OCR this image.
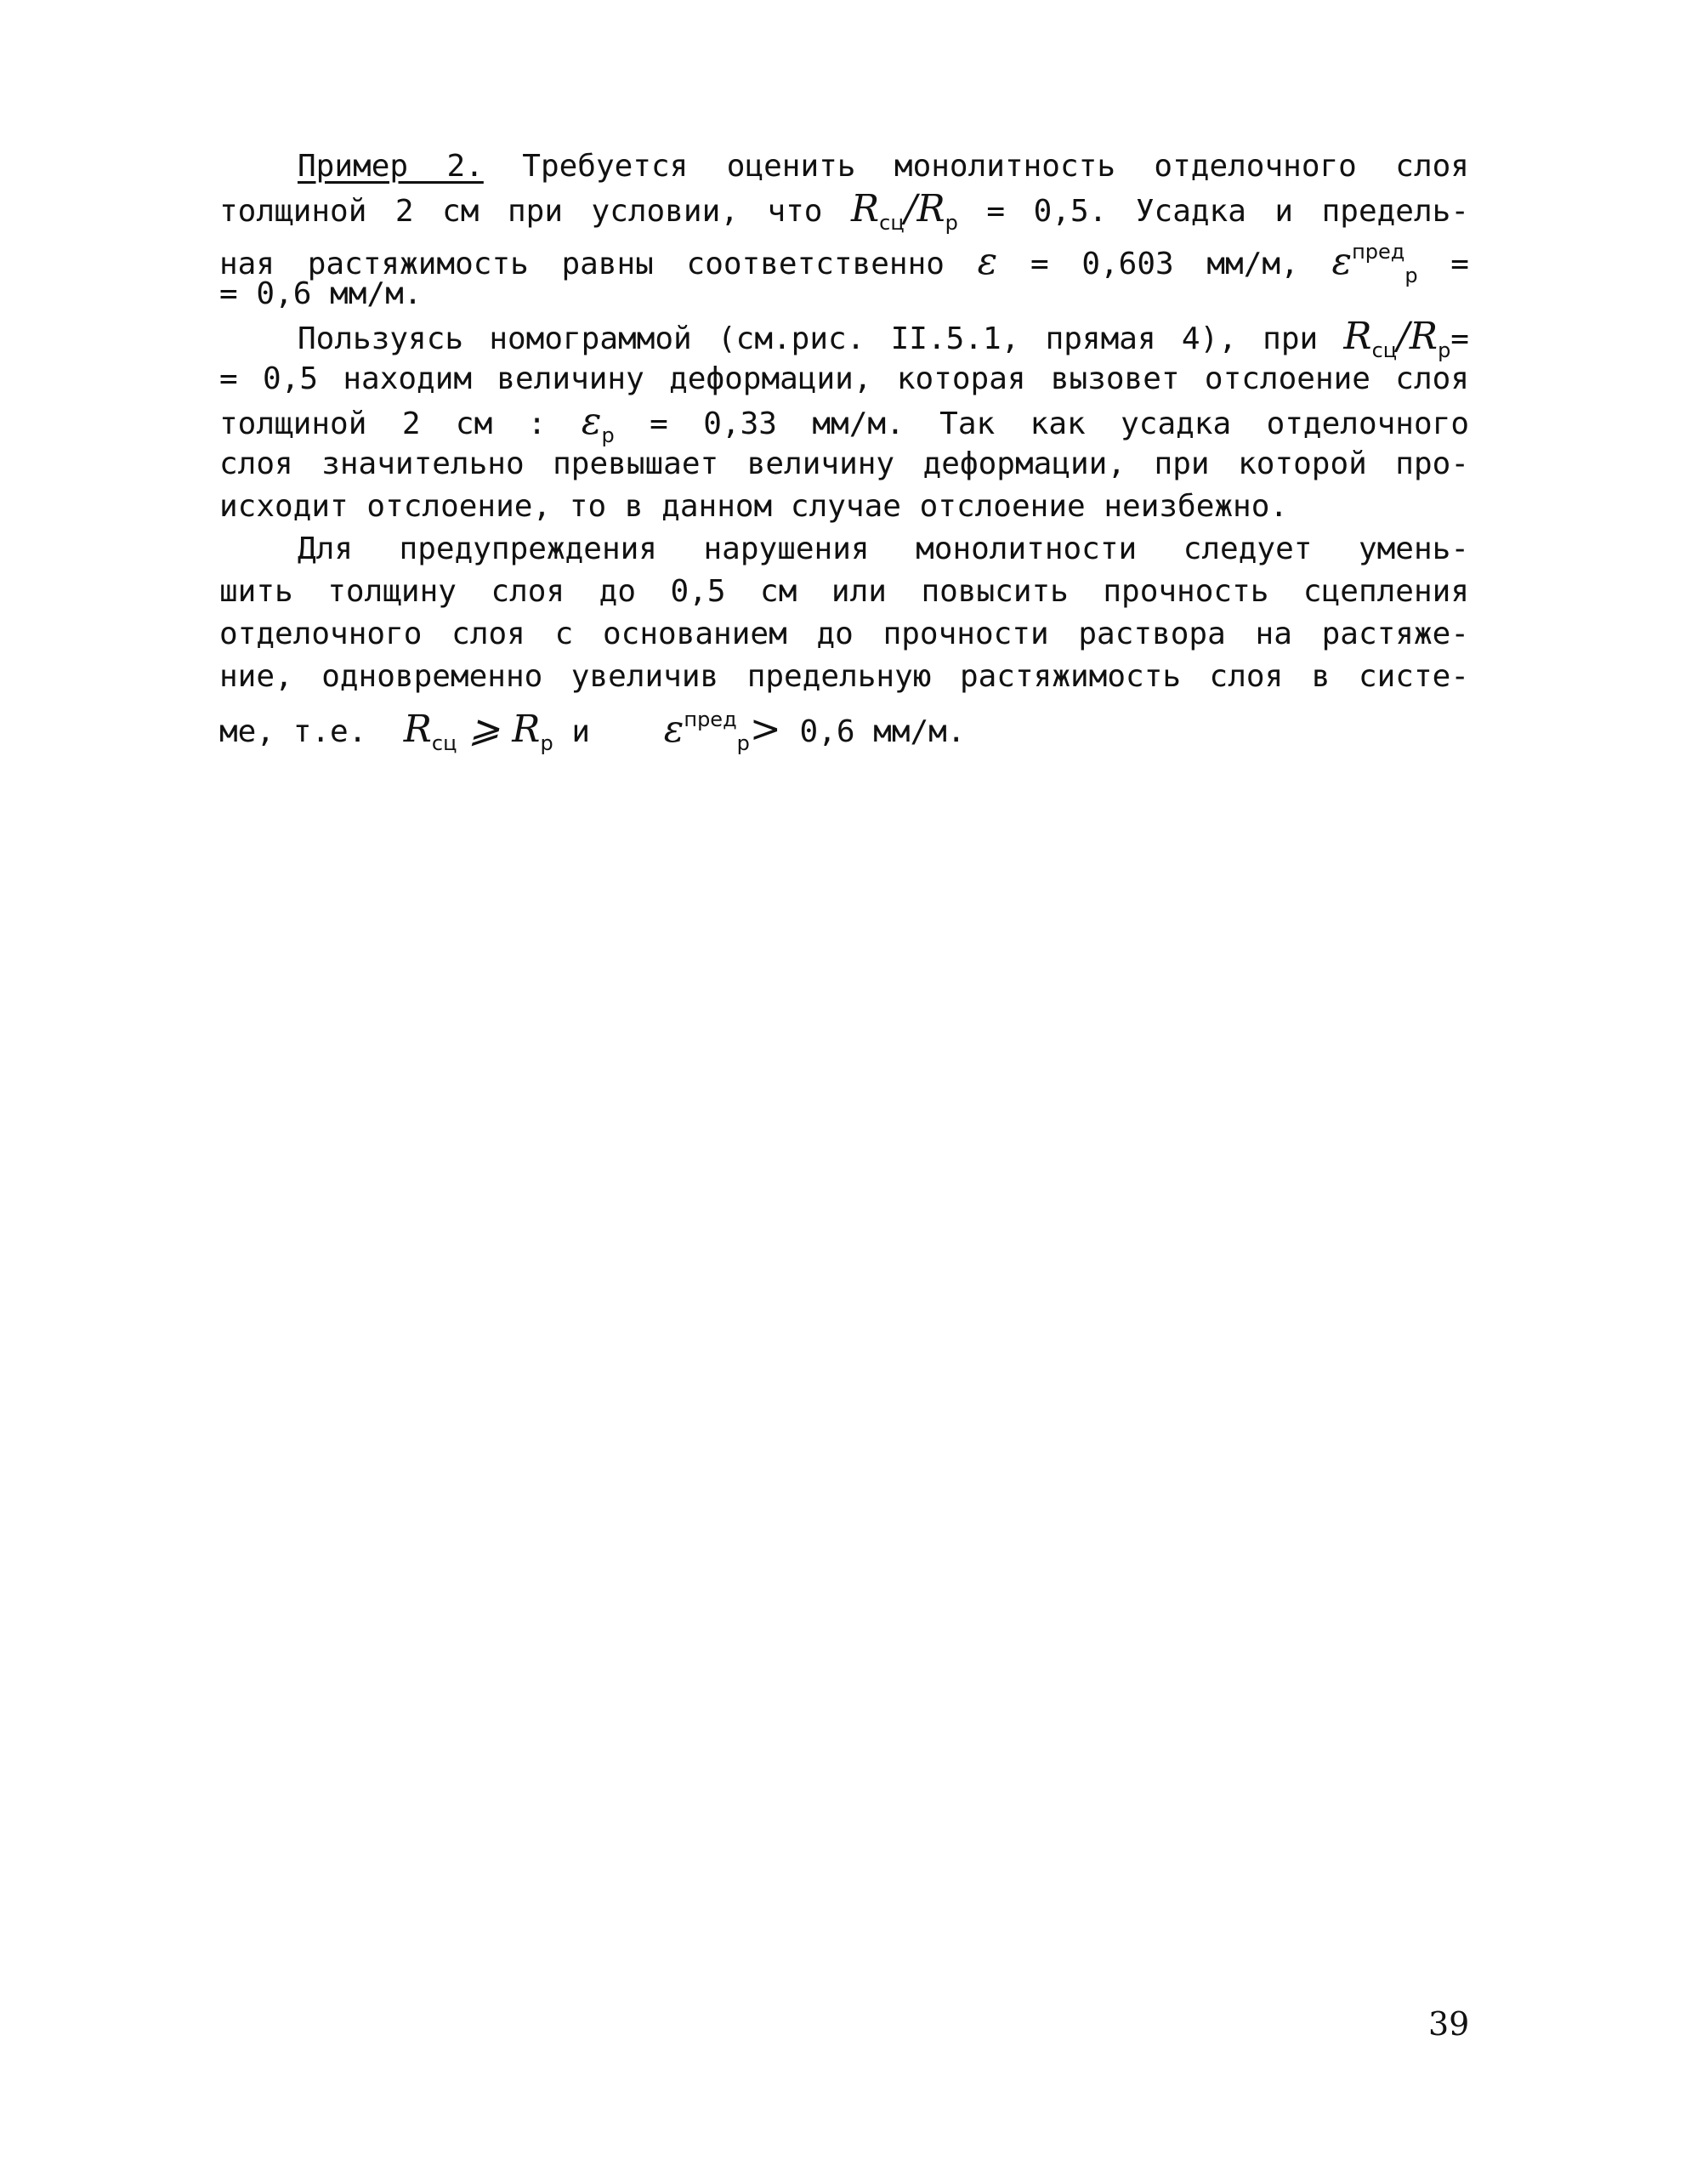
Пример 2. Требуется оценить монолитность отделочного слоя
толщиной 2 см при условии, что $R_{сц}/R_р = 0,5$. Усадка и предель-
ная растяжимость равны соответственно ε = 0,603 мм/м, $\varepsilon^{пред}_р$ =
= 0,6 мм/м.
Пользуясь номограммой (см.рис. II.5.1, прямая 4), при $R_{сц}/R_р=$
= 0,5 находим величину деформации, которая вызовет отслоение слоя
толщиной 2 см : $\varepsilon_р = 0,33$ мм/м. Так как усадка отделочного
слоя значительно превышает величину деформации, при которой про-
исходит отслоение, то в данном случае отслоение неизбежно.
Для предупреждения нарушения монолитности следует умень-
шить толщину слоя до 0,5 см или повысить прочность сцепления
отделочного слоя с основанием до прочности раствора на растяже-
ние, одновременно увеличив предельную растяжимость слоя в систе-
ме, т.е. $R_{сц}$ ⩾ $R_р$ и $\varepsilon^{пред}_р> 0,6$ мм/м.
39
